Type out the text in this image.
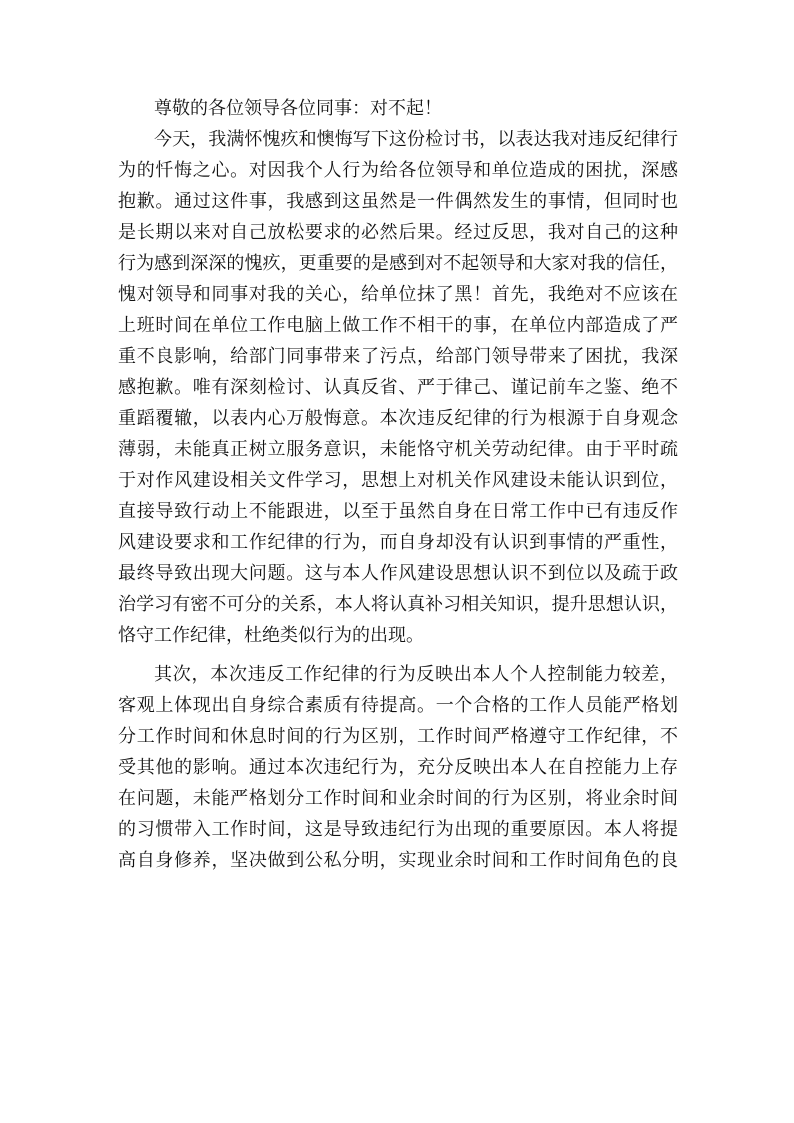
尊敬的各位领导各位同事：对不起！
今天，我满怀愧疚和懊悔写下这份检讨书，以表达我对违反纪律行
为的忏悔之心。对因我个人行为给各位领导和单位造成的困扰，深感
抱歉。通过这件事，我感到这虽然是一件偶然发生的事情，但同时也
是长期以来对自己放松要求的必然后果。经过反思，我对自己的这种
行为感到深深的愧疚，更重要的是感到对不起领导和大家对我的信任，
愧对领导和同事对我的关心，给单位抹了黑！首先，我绝对不应该在
上班时间在单位工作电脑上做工作不相干的事，在单位内部造成了严
重不良影响，给部门同事带来了污点，给部门领导带来了困扰，我深
感抱歉。唯有深刻检讨、认真反省、严于律己、谨记前车之鉴、绝不
重蹈覆辙，以表内心万般悔意。本次违反纪律的行为根源于自身观念
薄弱，未能真正树立服务意识，未能恪守机关劳动纪律。由于平时疏
于对作风建设相关文件学习，思想上对机关作风建设未能认识到位，
直接导致行动上不能跟进，以至于虽然自身在日常工作中已有违反作
风建设要求和工作纪律的行为，而自身却没有认识到事情的严重性，
最终导致出现大问题。这与本人作风建设思想认识不到位以及疏于政
治学习有密不可分的关系，本人将认真补习相关知识，提升思想认识，
恪守工作纪律，杜绝类似行为的出现。
其次，本次违反工作纪律的行为反映出本人个人控制能力较差，
客观上体现出自身综合素质有待提高。一个合格的工作人员能严格划
分工作时间和休息时间的行为区别，工作时间严格遵守工作纪律，不
受其他的影响。通过本次违纪行为，充分反映出本人在自控能力上存
在问题，未能严格划分工作时间和业余时间的行为区别，将业余时间
的习惯带入工作时间，这是导致违纪行为出现的重要原因。本人将提
高自身修养，坚决做到公私分明，实现业余时间和工作时间角色的良
